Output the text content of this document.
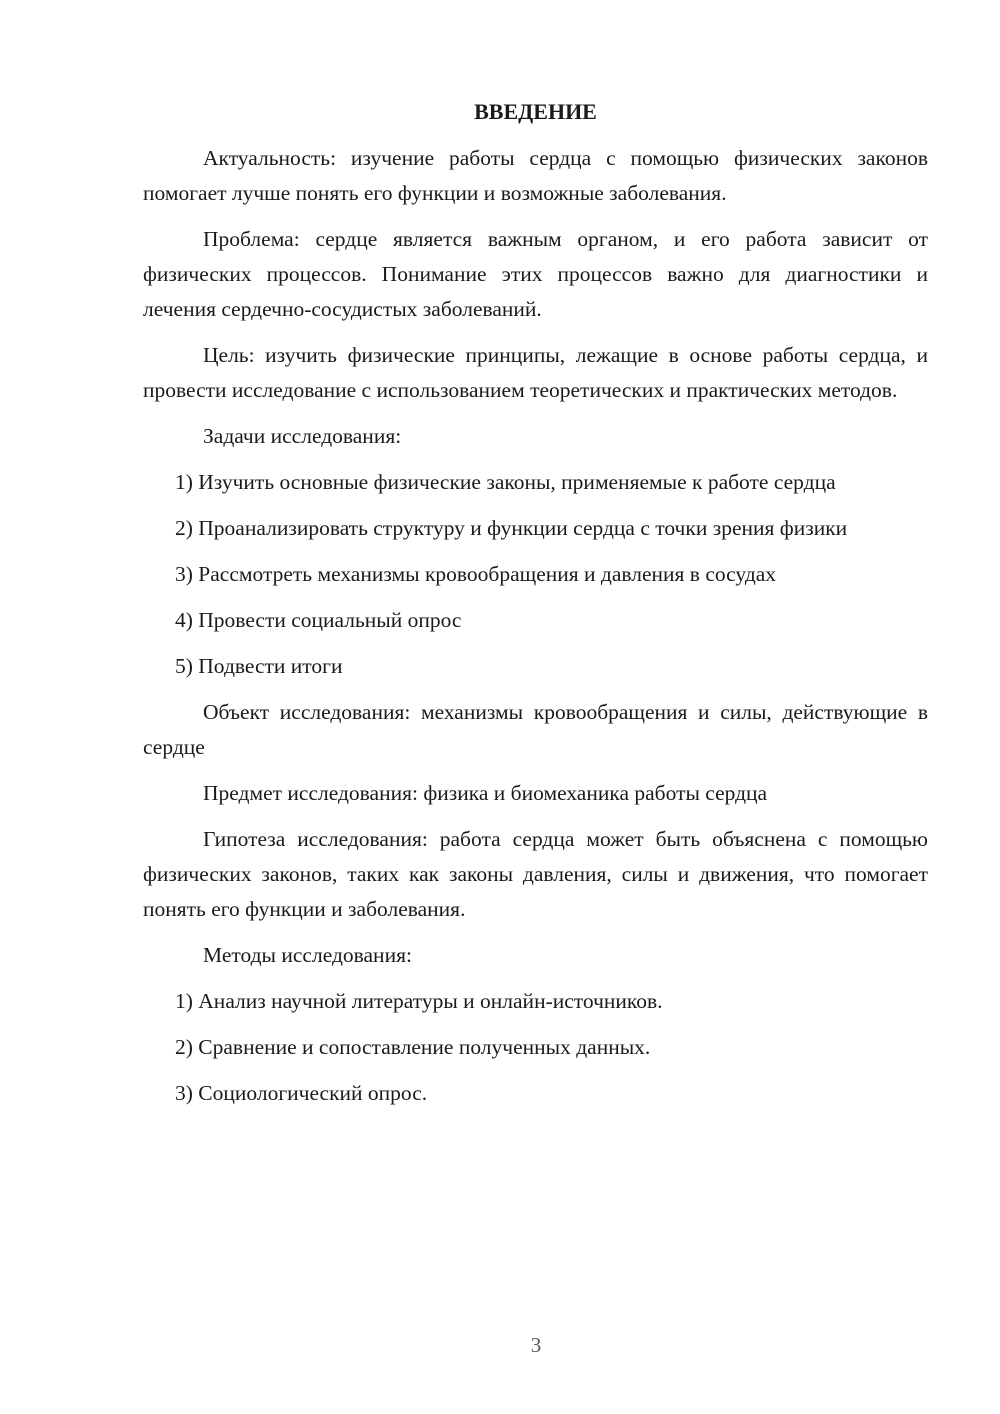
ВВЕДЕНИЕ

Актуальность: изучение работы сердца с помощью физических законов помогает лучше понять его функции и возможные заболевания.

Проблема: сердце является важным органом, и его работа зависит от физических процессов. Понимание этих процессов важно для диагностики и лечения сердечно-сосудистых заболеваний.

Цель: изучить физические принципы, лежащие в основе работы сердца, и провести исследование с использованием теоретических и практических методов.

Задачи исследования:

1) Изучить основные физические законы, применяемые к работе сердца

2) Проанализировать структуру и функции сердца с точки зрения физики

3) Рассмотреть механизмы кровообращения и давления в сосудах

4) Провести социальный опрос

5) Подвести итоги

Объект исследования: механизмы кровообращения и силы, действующие в сердце

Предмет исследования: физика и биомеханика работы сердца

Гипотеза исследования: работа сердца может быть объяснена с помощью физических законов, таких как законы давления, силы и движения, что помогает понять его функции и заболевания.

Методы исследования:

1) Анализ научной литературы и онлайн-источников.

2) Сравнение и сопоставление полученных данных.

3) Социологический опрос.

3
